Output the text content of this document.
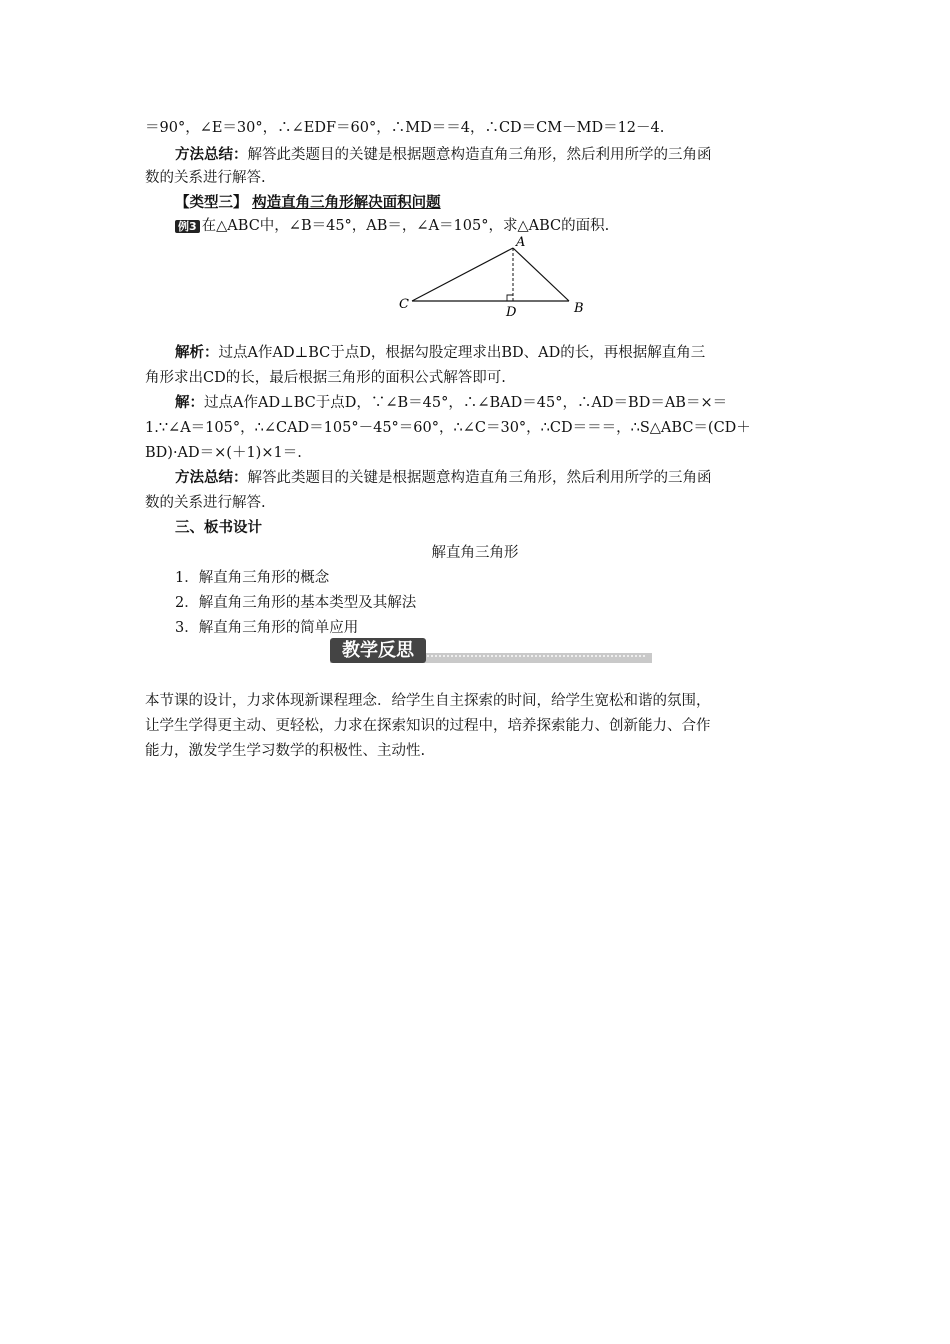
＝90°，∠E＝30°，∴∠EDF＝60°，∴MD＝＝4，∴CD＝CM－MD＝12－4.
方法总结：解答此类题目的关键是根据题意构造直角三角形，然后利用所学的三角函
数的关系进行解答.
【类型三】 构造直角三角形解决面积问题
例3 在△ABC中，∠B＝45°，AB＝，∠A＝105°，求△ABC的面积.
A
B
C
D
解析：过点A作AD⊥BC于点D，根据勾股定理求出BD、AD的长，再根据解直角三
角形求出CD的长，最后根据三角形的面积公式解答即可.
解：过点A作AD⊥BC于点D，∵∠B＝45°，∴∠BAD＝45°，∴AD＝BD＝AB＝×＝
1.∵∠A＝105°，∴∠CAD＝105°－45°＝60°，∴∠C＝30°，∴CD＝＝＝，∴S△ABC＝(CD＋
BD)·AD＝×(＋1)×1＝.
方法总结：解答此类题目的关键是根据题意构造直角三角形，然后利用所学的三角函
数的关系进行解答.
三、板书设计
解直角三角形
1．解直角三角形的概念
2．解直角三角形的基本类型及其解法
3．解直角三角形的简单应用
教学反思
本节课的设计，力求体现新课程理念．给学生自主探索的时间，给学生宽松和谐的氛围，
让学生学得更主动、更轻松，力求在探索知识的过程中，培养探索能力、创新能力、合作
能力，激发学生学习数学的积极性、主动性.
